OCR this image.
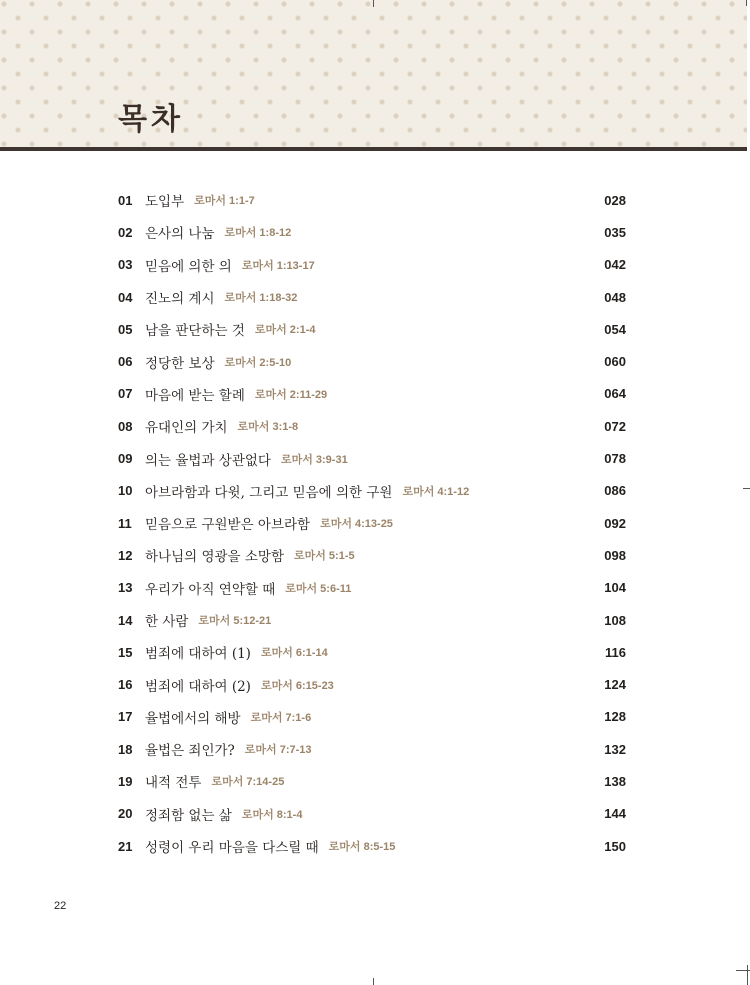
목차
01 도입부 로마서 1:1-7	028
02 은사의 나눔 로마서 1:8-12	035
03 믿음에 의한 의 로마서 1:13-17	042
04 진노의 계시 로마서 1:18-32	048
05 남을 판단하는 것 로마서 2:1-4	054
06 정당한 보상 로마서 2:5-10	060
07 마음에 받는 할례 로마서 2:11-29	064
08 유대인의 가치 로마서 3:1-8	072
09 의는 율법과 상관없다 로마서 3:9-31	078
10 아브라함과 다윗, 그리고 믿음에 의한 구원 로마서 4:1-12	086
11 믿음으로 구원받은 아브라함 로마서 4:13-25	092
12 하나님의 영광을 소망함 로마서 5:1-5	098
13 우리가 아직 연약할 때 로마서 5:6-11	104
14 한 사람 로마서 5:12-21	108
15 범죄에 대하여 (1) 로마서 6:1-14	116
16 범죄에 대하여 (2) 로마서 6:15-23	124
17 율법에서의 해방 로마서 7:1-6	128
18 율법은 죄인가? 로마서 7:7-13	132
19 내적 전투 로마서 7:14-25	138
20 정죄함 없는 삶 로마서 8:1-4	144
21 성령이 우리 마음을 다스릴 때 로마서 8:5-15	150
22
